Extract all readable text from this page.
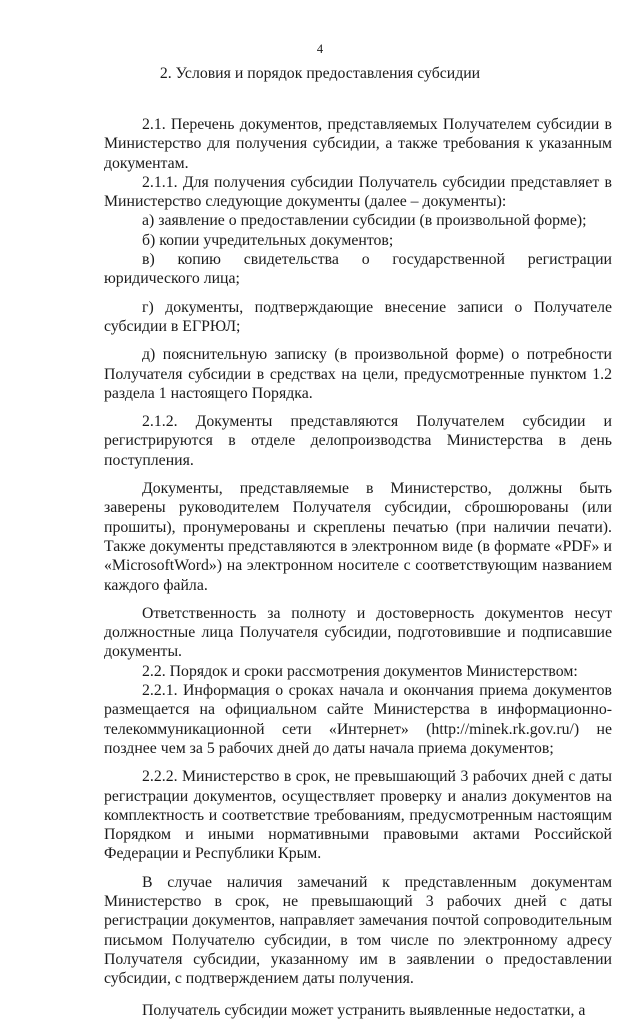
4
2. Условия и порядок предоставления субсидии

2.1. Перечень документов, представляемых Получателем субсидии в Министерство для получения субсидии, а также требования к указанным документам.

2.1.1. Для получения субсидии Получатель субсидии представляет в Министерство следующие документы (далее – документы):

а) заявление о предоставлении субсидии (в произвольной форме);

б) копии учредительных документов;

в) копию свидетельства о государственной регистрации юридического лица;

г) документы, подтверждающие внесение записи о Получателе субсидии в ЕГРЮЛ;

д) пояснительную записку (в произвольной форме) о потребности Получателя субсидии в средствах на цели, предусмотренные пунктом 1.2 раздела 1 настоящего Порядка.

2.1.2. Документы представляются Получателем субсидии и регистрируются в отделе делопроизводства Министерства в день поступления.

Документы, представляемые в Министерство, должны быть заверены руководителем Получателя субсидии, сброшюрованы (или прошиты), пронумерованы и скреплены печатью (при наличии печати). Также документы представляются в электронном виде (в формате «PDF» и «MicrosoftWord») на электронном носителе с соответствующим названием каждого файла.

Ответственность за полноту и достоверность документов несут должностные лица Получателя субсидии, подготовившие и подписавшие документы.

2.2. Порядок и сроки рассмотрения документов Министерством:

2.2.1. Информация о сроках начала и окончания приема документов размещается на официальном сайте Министерства в информационно-телекоммуникационной сети «Интернет» (http://minek.rk.gov.ru/) не позднее чем за 5 рабочих дней до даты начала приема документов;

2.2.2. Министерство в срок, не превышающий 3 рабочих дней с даты регистрации документов, осуществляет проверку и анализ документов на комплектность и соответствие требованиям, предусмотренным настоящим Порядком и иными нормативными правовыми актами Российской Федерации и Республики Крым.

В случае наличия замечаний к представленным документам Министерство в срок, не превышающий 3 рабочих дней с даты регистрации документов, направляет замечания почтой сопроводительным письмом Получателю субсидии, в том числе по электронному адресу Получателя субсидии, указанному им в заявлении о предоставлении субсидии, с подтверждением даты получения.

Получатель субсидии может устранить выявленные недостатки, а
